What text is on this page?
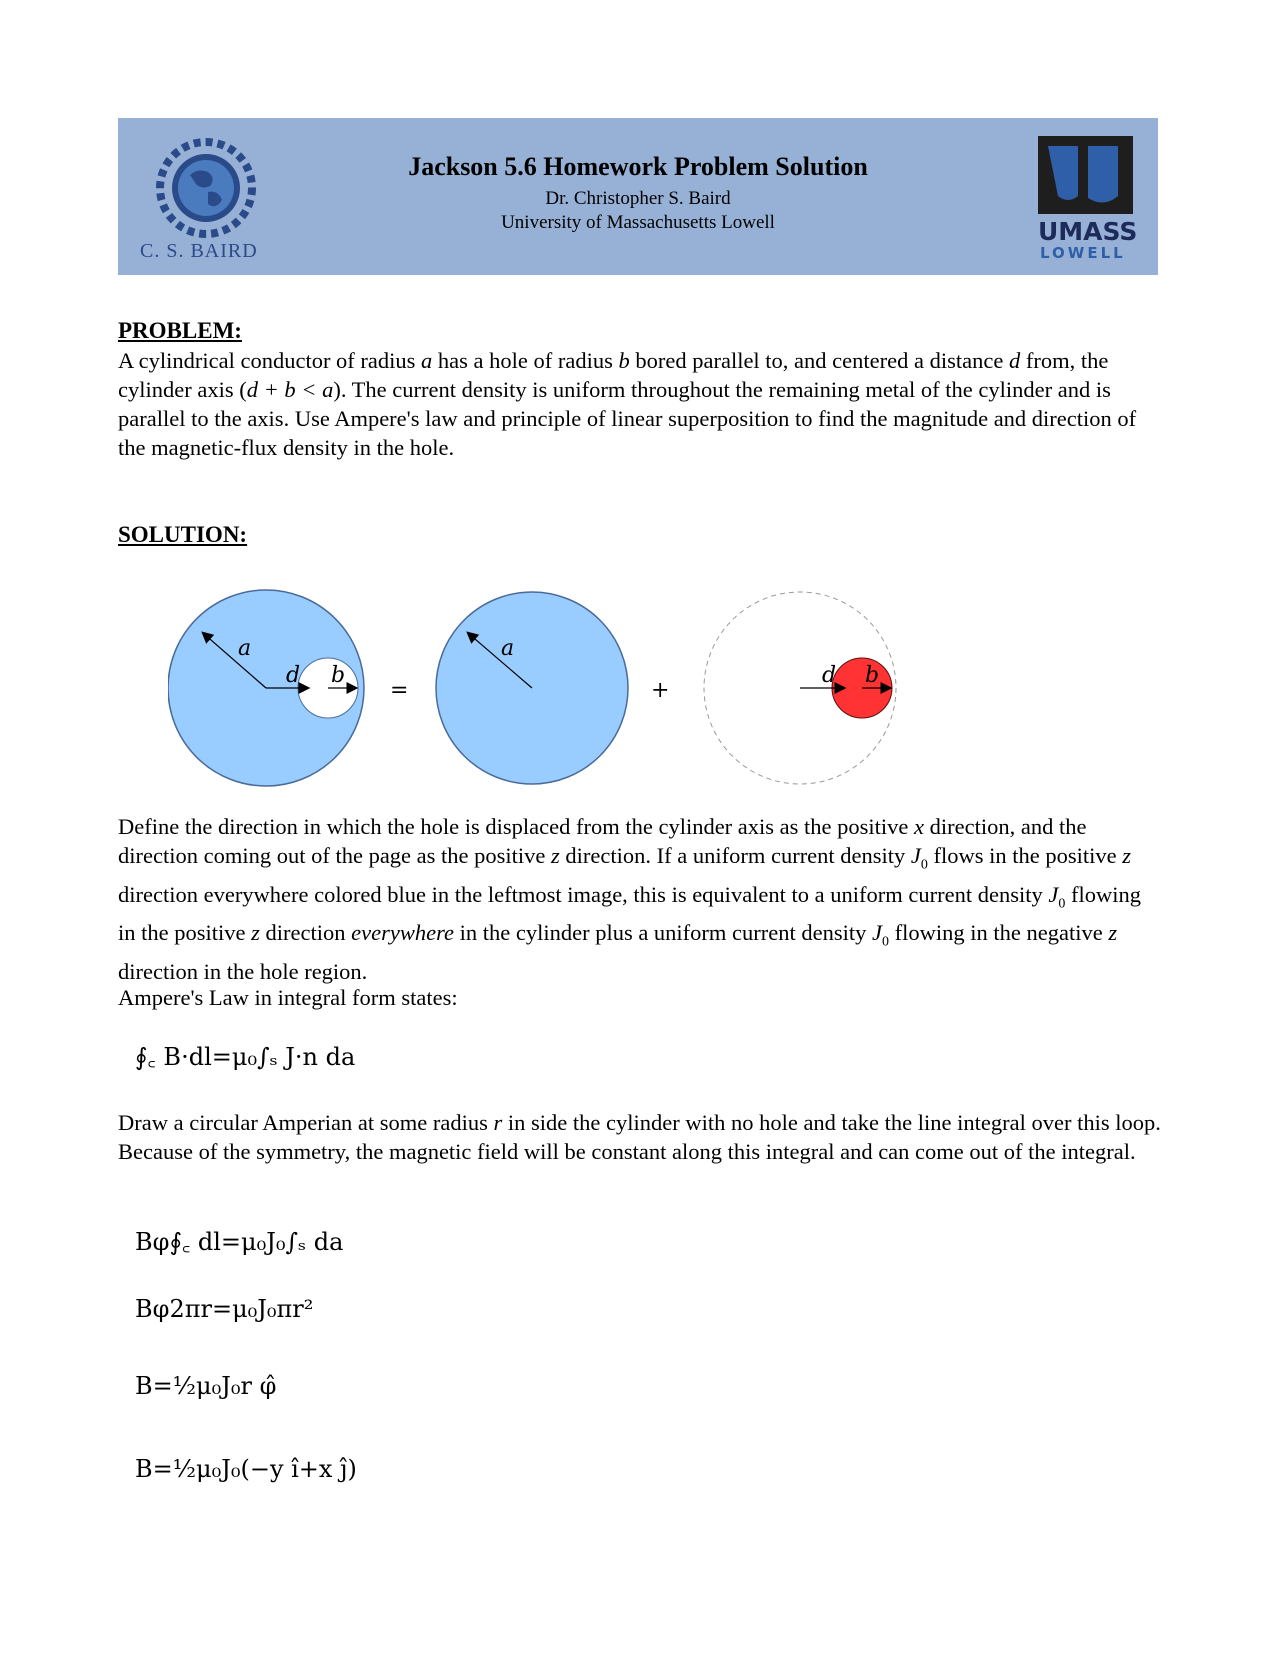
C. S. BAIRD
Jackson 5.6 Homework Problem Solution
Dr. Christopher S. Baird
University of Massachusetts Lowell	UMASS
LOWELL
PROBLEM:
A cylindrical conductor of radius a has a hole of radius b bored parallel to, and centered a distance d from, the cylinder axis (d + b < a). The current density is uniform throughout the remaining metal of the cylinder and is parallel to the axis. Use Ampere's law and principle of linear superposition to find the magnitude and direction of the magnetic-flux density in the hole.
SOLUTION:
a
d b
=
a
+
d b
Define the direction in which the hole is displaced from the cylinder axis as the positive x direction, and the direction coming out of the page as the positive z direction. If a uniform current density $J_0$ flows in the positive z direction everywhere colored blue in the leftmost image, this is equivalent to a uniform current density $J_0$ flowing in the positive z direction everywhere in the cylinder plus a uniform current density $J_0$ flowing in the negative z direction in the hole region.
Ampere's Law in integral form states:
∮꜀ B·dl=μ₀∫ₛ J·n da
Draw a circular Amperian at some radius r in side the cylinder with no hole and take the line integral over this loop. Because of the symmetry, the magnetic field will be constant along this integral and can come out of the integral.
Bφ∮꜀ dl=μ₀J₀∫ₛ da
Bφ2πr=μ₀J₀πr²
B=½μ₀J₀r φ̂
B=½μ₀J₀(−y î+x ĵ)
